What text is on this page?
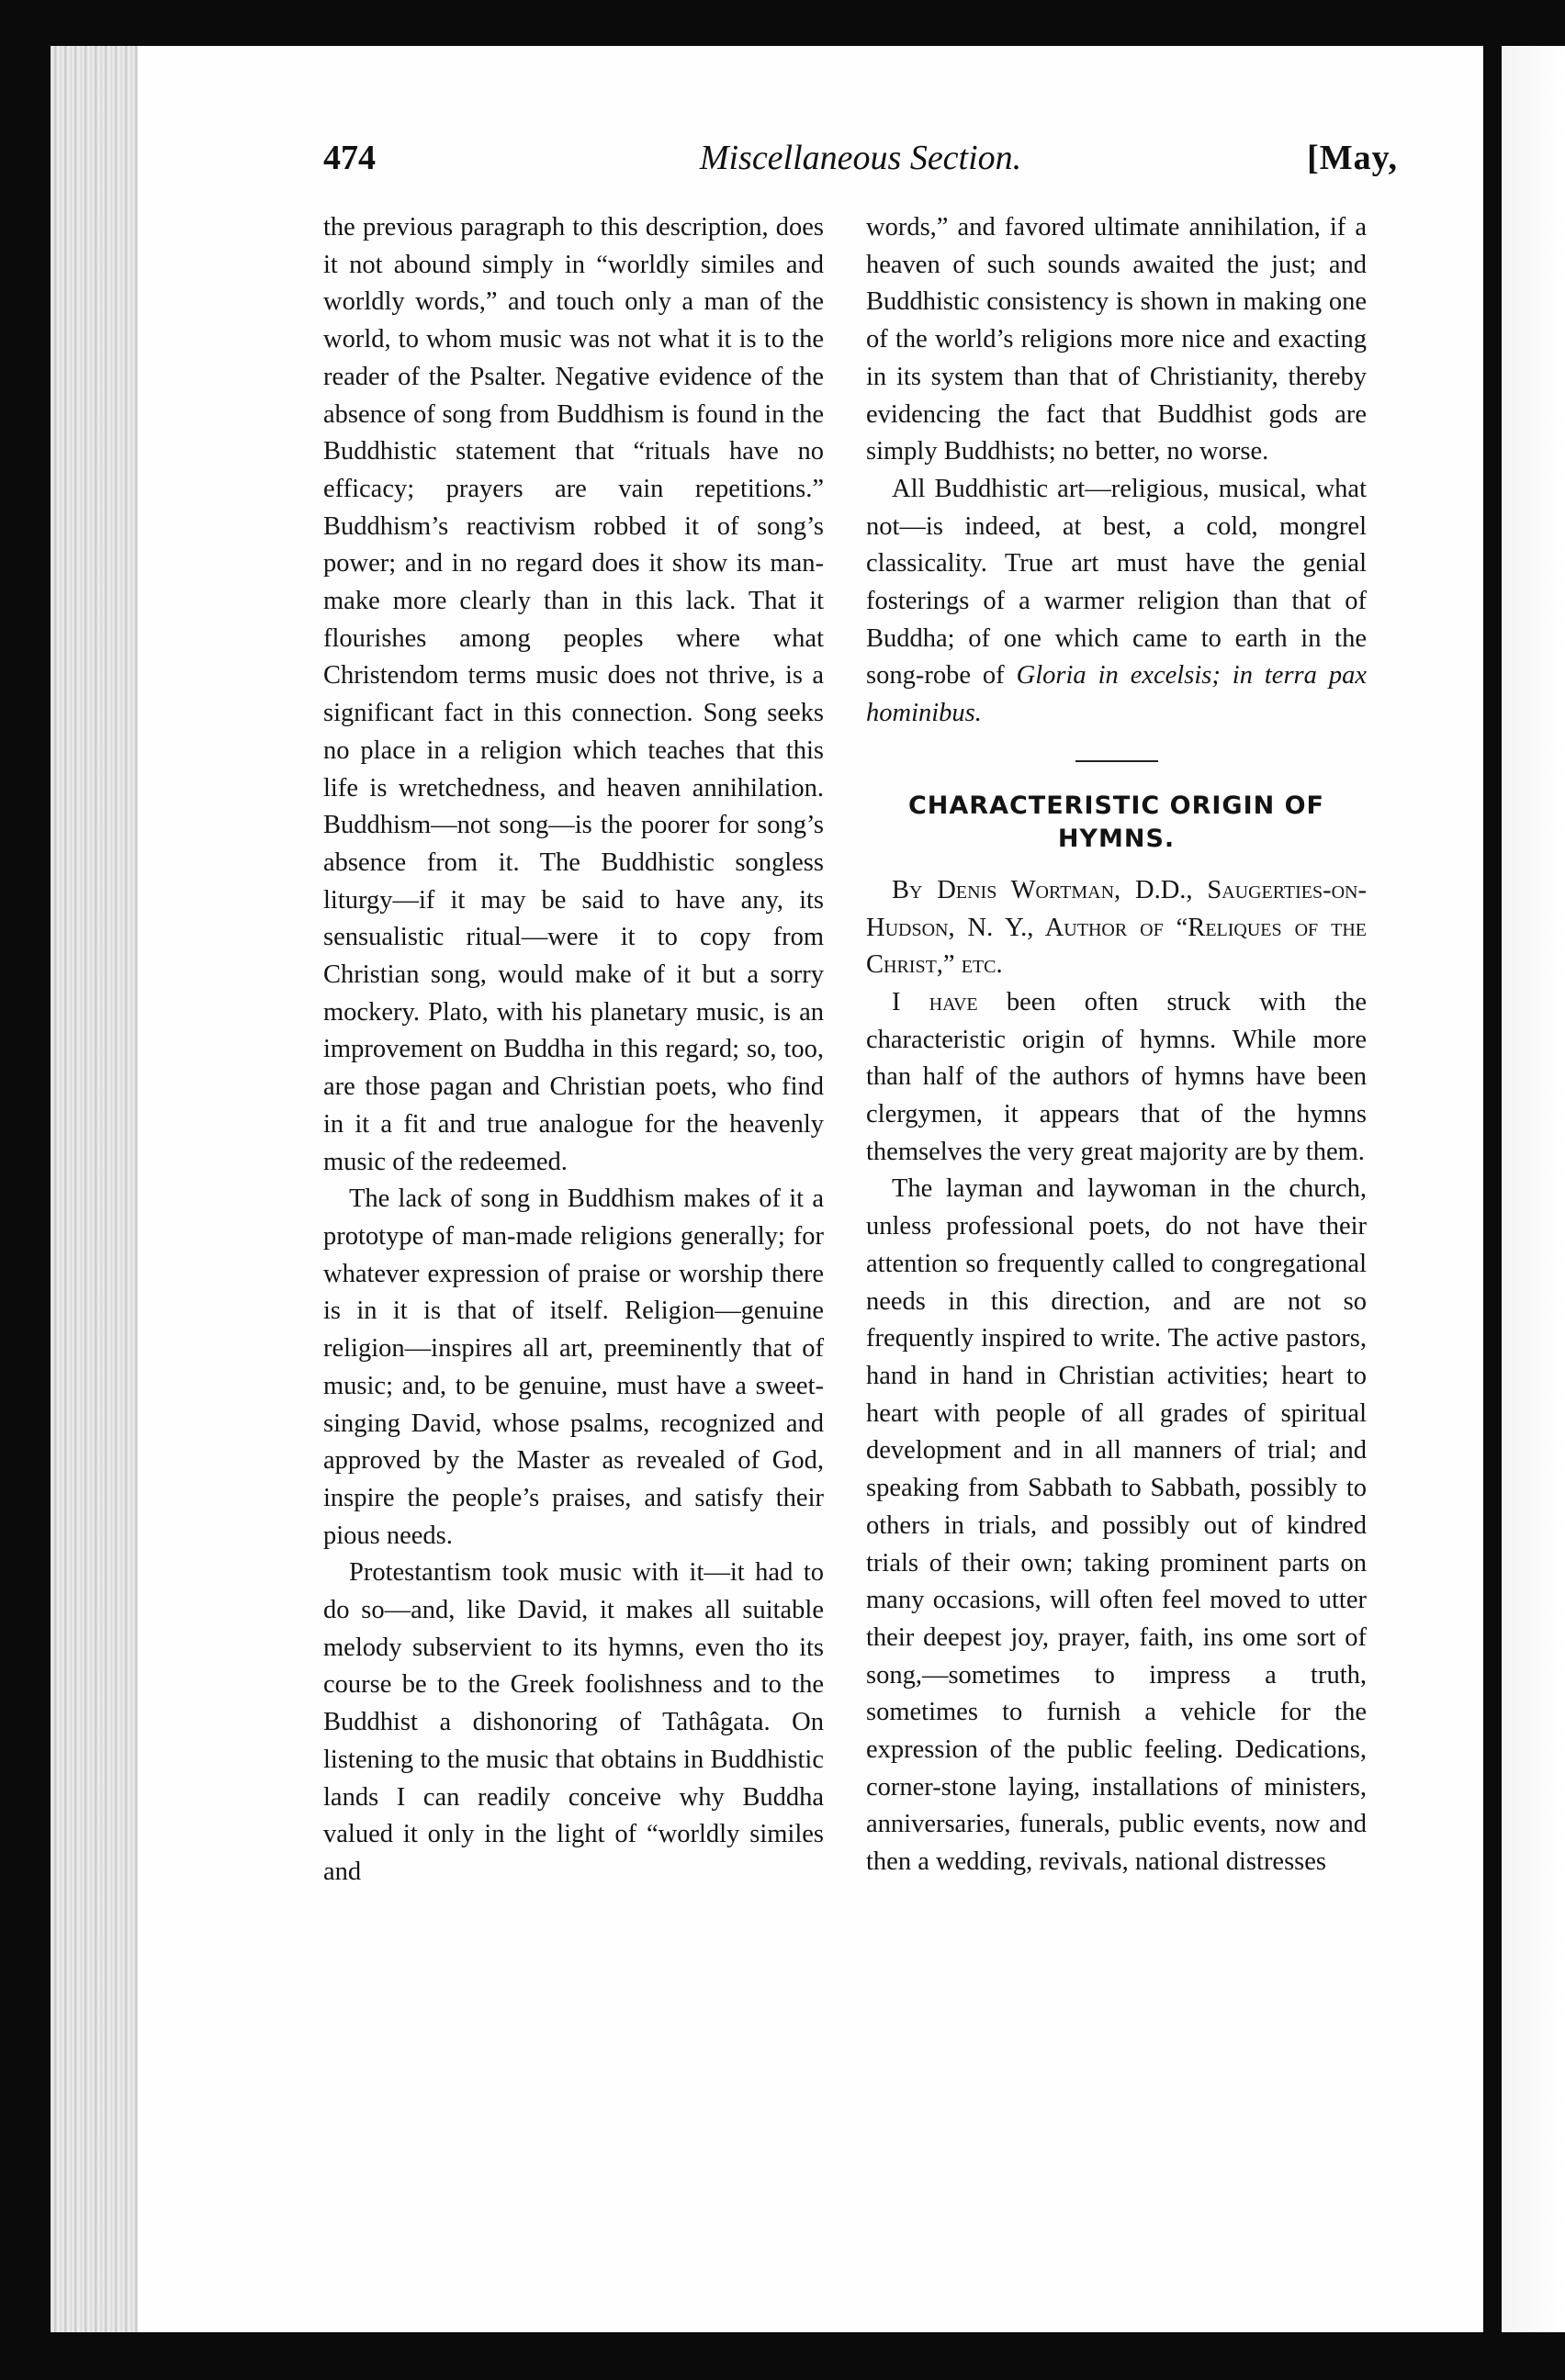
474	Miscellaneous Section.	[May,

the previous paragraph to this description, does it not abound simply in “worldly similes and worldly words,” and touch only a man of the world, to whom music was not what it is to the reader of the Psalter. Negative evidence of the absence of song from Buddhism is found in the Buddhistic statement that “rituals have no efficacy; prayers are vain repetitions.” Buddhism’s reactivism robbed it of song’s power; and in no regard does it show its man-make more clearly than in this lack. That it flourishes among peoples where what Christendom terms music does not thrive, is a significant fact in this connection. Song seeks no place in a religion which teaches that this life is wretchedness, and heaven annihilation. Buddhism—not song—is the poorer for song’s absence from it. The Buddhistic songless liturgy—if it may be said to have any, its sensualistic ritual—were it to copy from Christian song, would make of it but a sorry mockery. Plato, with his planetary music, is an improvement on Buddha in this regard; so, too, are those pagan and Christian poets, who find in it a fit and true analogue for the heavenly music of the redeemed.

The lack of song in Buddhism makes of it a prototype of man-made religions generally; for whatever expression of praise or worship there is in it is that of itself. Religion—genuine religion—inspires all art, preeminently that of music; and, to be genuine, must have a sweet-singing David, whose psalms, recognized and approved by the Master as revealed of God, inspire the people’s praises, and satisfy their pious needs.

Protestantism took music with it—it had to do so—and, like David, it makes all suitable melody subservient to its hymns, even tho its course be to the Greek foolishness and to the Buddhist a dishonoring of Tathâgata. On listening to the music that obtains in Buddhistic lands I can readily conceive why Buddha valued it only in the light of “worldly similes and

words,” and favored ultimate annihilation, if a heaven of such sounds awaited the just; and Buddhistic consistency is shown in making one of the world’s religions more nice and exacting in its system than that of Christianity, thereby evidencing the fact that Buddhist gods are simply Buddhists; no better, no worse.

All Buddhistic art—religious, musical, what not—is indeed, at best, a cold, mongrel classicality. True art must have the genial fosterings of a warmer religion than that of Buddha; of one which came to earth in the song-robe of Gloria in excelsis; in terra pax hominibus.

CHARACTERISTIC ORIGIN OF HYMNS.

By Denis Wortman, D.D., Saugerties-on-Hudson, N. Y., Author of “Reliques of the Christ,” etc.

I have been often struck with the characteristic origin of hymns. While more than half of the authors of hymns have been clergymen, it appears that of the hymns themselves the very great majority are by them.

The layman and laywoman in the church, unless professional poets, do not have their attention so frequently called to congregational needs in this direction, and are not so frequently inspired to write. The active pastors, hand in hand in Christian activities; heart to heart with people of all grades of spiritual development and in all manners of trial; and speaking from Sabbath to Sabbath, possibly to others in trials, and possibly out of kindred trials of their own; taking prominent parts on many occasions, will often feel moved to utter their deepest joy, prayer, faith, ins ome sort of song,—sometimes to impress a truth, sometimes to furnish a vehicle for the expression of the public feeling. Dedications, corner-stone laying, installations of ministers, anniversaries, funerals, public events, now and then a wedding, revivals, national distresses
